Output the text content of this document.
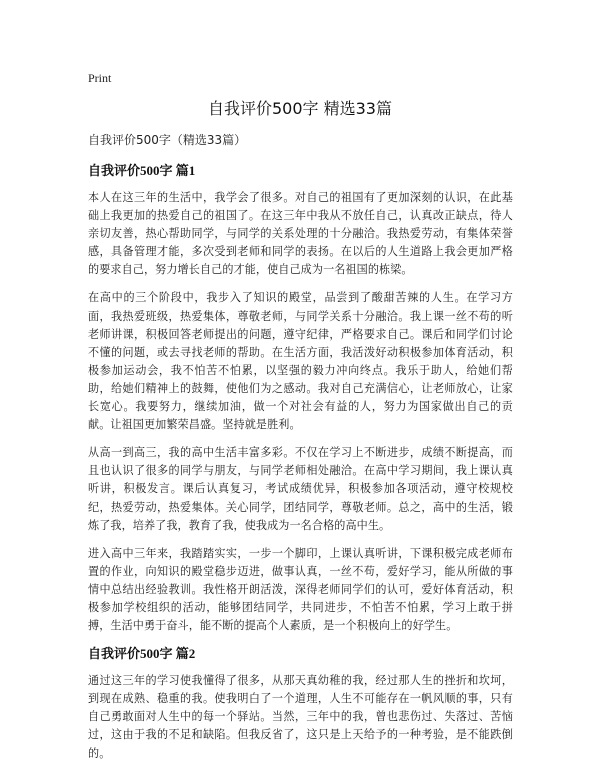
Print
自我评价500字 精选33篇

自我评价500字（精选33篇）

自我评价500字 篇1

本人在这三年的生活中，我学会了很多。对自己的祖国有了更加深刻的认识，在此基础上我更加的热爱自己的祖国了。在这三年中我从不放任自己，认真改正缺点，待人亲切友善，热心帮助同学，与同学的关系处理的十分融洽。我热爱劳动，有集体荣誉感，具备管理才能，多次受到老师和同学的表扬。在以后的人生道路上我会更加严格的要求自己，努力增长自己的才能，使自己成为一名祖国的栋梁。

在高中的三个阶段中，我步入了知识的殿堂，品尝到了酸甜苦辣的人生。在学习方面，我热爱班级，热爱集体，尊敬老师，与同学关系十分融洽。我上课一丝不苟的听老师讲课，积极回答老师提出的问题，遵守纪律，严格要求自己。课后和同学们讨论不懂的问题，或去寻找老师的帮助。在生活方面，我活泼好动积极参加体育活动，积极参加运动会，我不怕苦不怕累，以坚强的毅力冲向终点。我乐于助人，给她们帮助，给她们精神上的鼓舞，使他们为之感动。我对自己充满信心，让老师放心，让家长宽心。我要努力，继续加油，做一个对社会有益的人，努力为国家做出自己的贡献。让祖国更加繁荣昌盛。坚持就是胜利。

从高一到高三，我的高中生活丰富多彩。不仅在学习上不断进步，成绩不断提高，而且也认识了很多的同学与朋友，与同学老师相处融洽。在高中学习期间，我上课认真听讲，积极发言。课后认真复习，考试成绩优异，积极参加各项活动，遵守校规校纪，热爱劳动，热爱集体。关心同学，团结同学，尊敬老师。总之，高中的生活，锻炼了我，培养了我，教育了我，使我成为一名合格的高中生。

进入高中三年来，我踏踏实实，一步一个脚印，上课认真听讲，下课积极完成老师布置的作业，向知识的殿堂稳步迈进，做事认真，一丝不苟，爱好学习，能从所做的事情中总结出经验教训。我性格开朗活泼，深得老师同学们的认可，爱好体育活动，积极参加学校组织的活动，能够团结同学，共同进步，不怕苦不怕累，学习上敢于拼搏，生活中勇于奋斗，能不断的提高个人素质，是一个积极向上的好学生。

自我评价500字 篇2

通过这三年的学习使我懂得了很多，从那天真幼稚的我，经过那人生的挫折和坎坷，到现在成熟、稳重的我。使我明白了一个道理，人生不可能存在一帆风顺的事，只有自己勇敢面对人生中的每一个驿站。当然，三年中的我，曾也悲伤过、失落过、苦恼过，这由于我的不足和缺陷。但我反省了，这只是上天给予的一种考验，是不能跌倒的。
